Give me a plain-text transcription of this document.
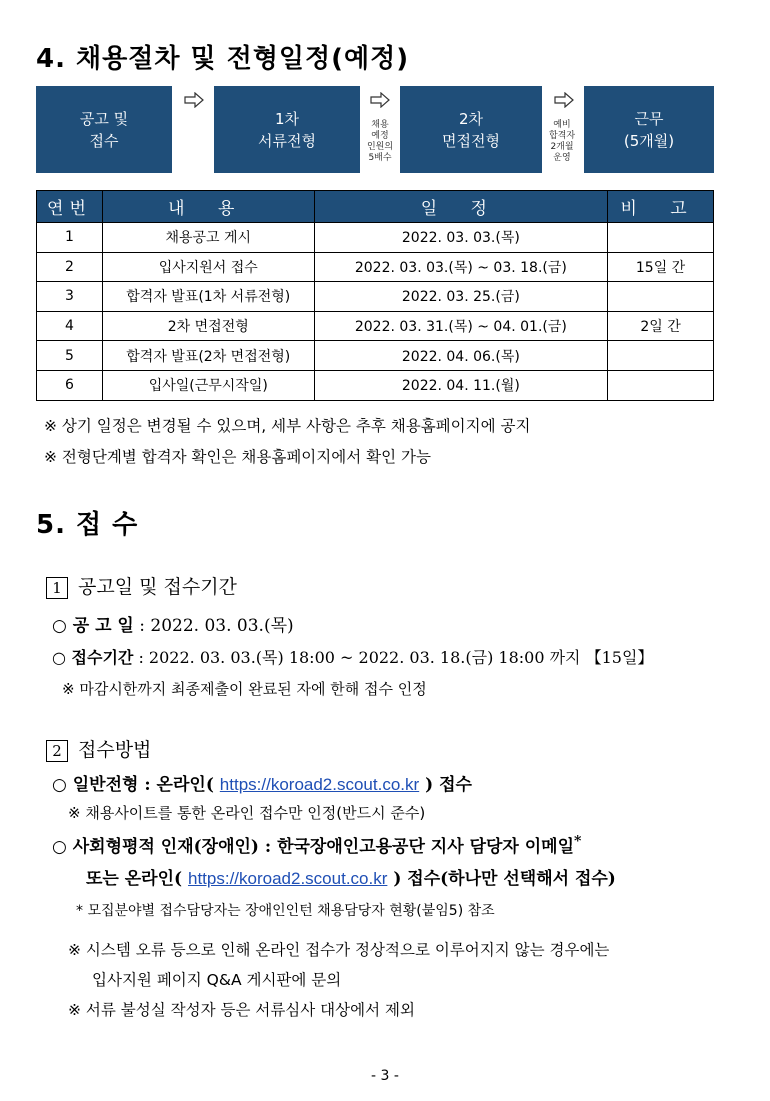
4. 채용절차 및 전형일정(예정)
공고 및
접수
1차
서류전형
채용
예정
인원의
5배수
2차
면접전형
예비
합격자
2개월
운영
근무
(5개월)
연번	내 용	일 정	비 고
1	채용공고 게시	2022. 03. 03.(목)	
2	입사지원서 접수	2022. 03. 03.(목) ~ 03. 18.(금)	15일 간
3	합격자 발표(1차 서류전형)	2022. 03. 25.(금)	
4	2차 면접전형	2022. 03. 31.(목) ~ 04. 01.(금)	2일 간
5	합격자 발표(2차 면접전형)	2022. 04. 06.(목)	
6	입사일(근무시작일)	2022. 04. 11.(월)	
※ 상기 일정은 변경될 수 있으며, 세부 사항은 추후 채용홈페이지에 공지
※ 전형단계별 합격자 확인은 채용홈페이지에서 확인 가능
5. 접 수
1 공고일 및 접수기간
○ 공 고 일 : 2022. 03. 03.(목)
○ 접수기간 : 2022. 03. 03.(목) 18:00 ~ 2022. 03. 18.(금) 18:00 까지 【15일】
※ 마감시한까지 최종제출이 완료된 자에 한해 접수 인정
2 접수방법
○ 일반전형 : 온라인( https://koroad2.scout.co.kr ) 접수
※ 채용사이트를 통한 온라인 접수만 인정(반드시 준수)
○ 사회형평적 인재(장애인) : 한국장애인고용공단 지사 담당자 이메일*
또는 온라인( https://koroad2.scout.co.kr ) 접수(하나만 선택해서 접수)
* 모집분야별 접수담당자는 장애인인턴 채용담당자 현황(붙임5) 참조
※ 시스템 오류 등으로 인해 온라인 접수가 정상적으로 이루어지지 않는 경우에는
입사지원 페이지 Q&A 게시판에 문의
※ 서류 불성실 작성자 등은 서류심사 대상에서 제외
- 3 -
